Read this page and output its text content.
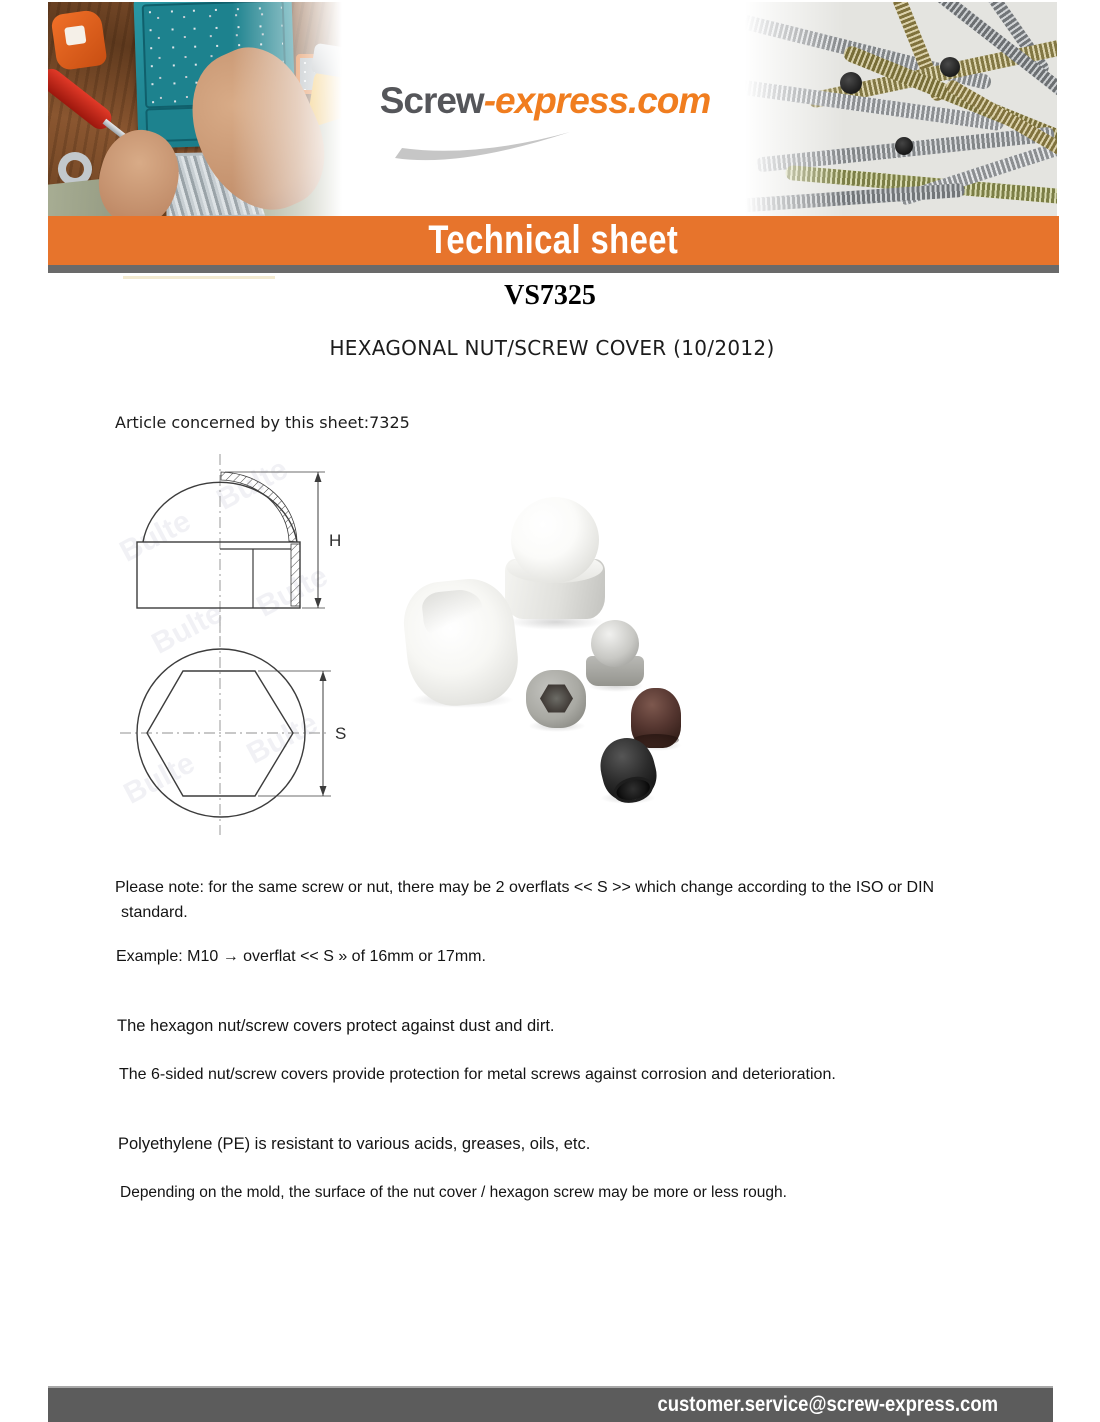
Screw-express.com
Technical sheet
VS7325
HEXAGONAL NUT/SCREW COVER (10/2012)
Article concerned by this sheet:7325
Bulte
Bulte
Bulte
Bulte
H
S
Please note: for the same screw or nut, there may be 2 overflats << S >> which change according to the ISO or DIN
standard.
Example: M10 → overflat << S » of 16mm or 17mm.
The hexagon nut/screw covers protect against dust and dirt.
The 6-sided nut/screw covers provide protection for metal screws against corrosion and deterioration.
Polyethylene (PE) is resistant to various acids, greases, oils, etc.
Depending on the mold, the surface of the nut cover / hexagon screw may be more or less rough.
customer.service@screw-express.com
